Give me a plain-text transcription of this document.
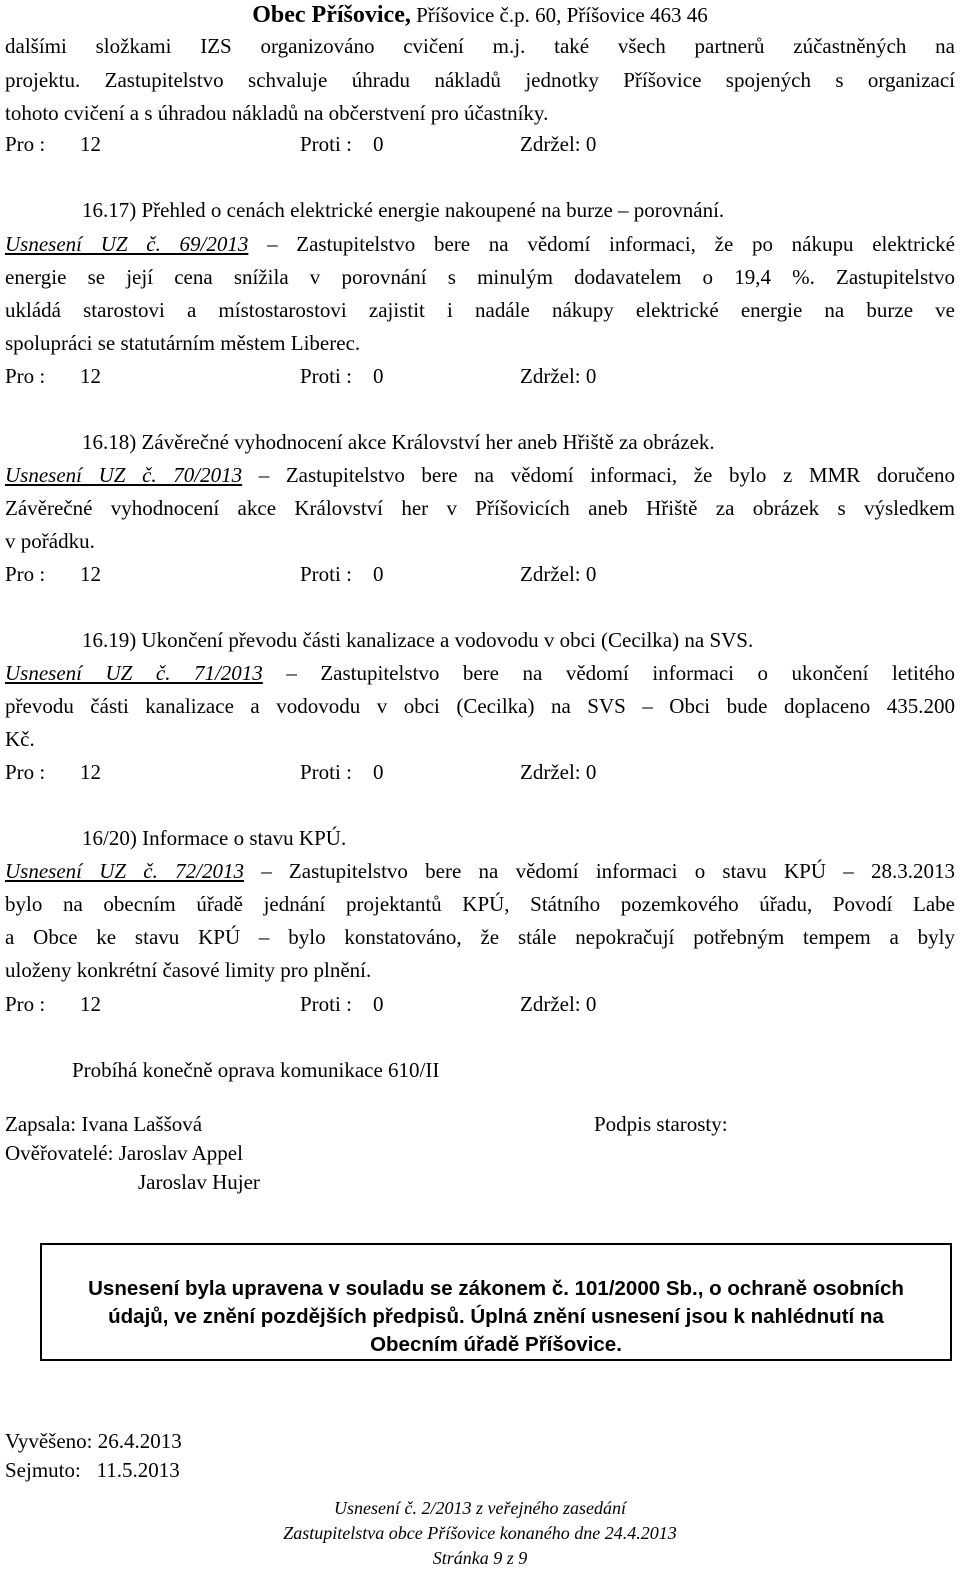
Obec Příšovice, Příšovice č.p. 60, Příšovice 463 46
dalšími složkami IZS organizováno cvičení m.j. také všech partnerů zúčastněných na
projektu. Zastupitelstvo schvaluje úhradu nákladů jednotky Příšovice spojených s organizací
tohoto cvičení a s úhradou nákladů na občerstvení pro účastníky.
Pro : 12	Proti : 0	Zdržel: 0
16.17) Přehled o cenách elektrické energie nakoupené na burze – porovnání.
Usnesení UZ č. 69/2013 – Zastupitelstvo bere na vědomí informaci, že po nákupu elektrické
energie se její cena snížila v porovnání s minulým dodavatelem o 19,4 %. Zastupitelstvo
ukládá starostovi a místostarostovi zajistit i nadále nákupy elektrické energie na burze ve
spolupráci se statutárním městem Liberec.
Pro : 12	Proti : 0	Zdržel: 0
16.18) Závěrečné vyhodnocení akce Království her aneb Hřiště za obrázek.
Usnesení UZ č. 70/2013 – Zastupitelstvo bere na vědomí informaci, že bylo z MMR doručeno
Závěrečné vyhodnocení akce Království her v Příšovicích aneb Hřiště za obrázek s výsledkem
v pořádku.
Pro : 12	Proti : 0	Zdržel: 0
16.19) Ukončení převodu části kanalizace a vodovodu v obci (Cecilka) na SVS.
Usnesení UZ č. 71/2013 – Zastupitelstvo bere na vědomí informaci o ukončení letitého
převodu části kanalizace a vodovodu v obci (Cecilka) na SVS – Obci bude doplaceno 435.200
Kč.
Pro : 12	Proti : 0	Zdržel: 0
16/20) Informace o stavu KPÚ.
Usnesení UZ č. 72/2013 – Zastupitelstvo bere na vědomí informaci o stavu KPÚ – 28.3.2013
bylo na obecním úřadě jednání projektantů KPÚ, Státního pozemkového úřadu, Povodí Labe
a Obce ke stavu KPÚ – bylo konstatováno, že stále nepokračují potřebným tempem a byly
uloženy konkrétní časové limity pro plnění.
Pro : 12	Proti : 0	Zdržel: 0
Probíhá konečně oprava komunikace 610/II
Zapsala: Ivana Laššová	Podpis starosty:
Ověřovatelé: Jaroslav Appel
Jaroslav Hujer
Usnesení byla upravena v souladu se zákonem č. 101/2000 Sb., o ochraně osobních
údajů, ve znění pozdějších předpisů. Úplná znění usnesení jsou k nahlédnutí na
Obecním úřadě Příšovice.
Vyvěšeno: 26.4.2013
Sejmuto:   11.5.2013
Usnesení č. 2/2013 z veřejného zasedání
Zastupitelstva obce Příšovice konaného dne 24.4.2013
Stránka 9 z 9
